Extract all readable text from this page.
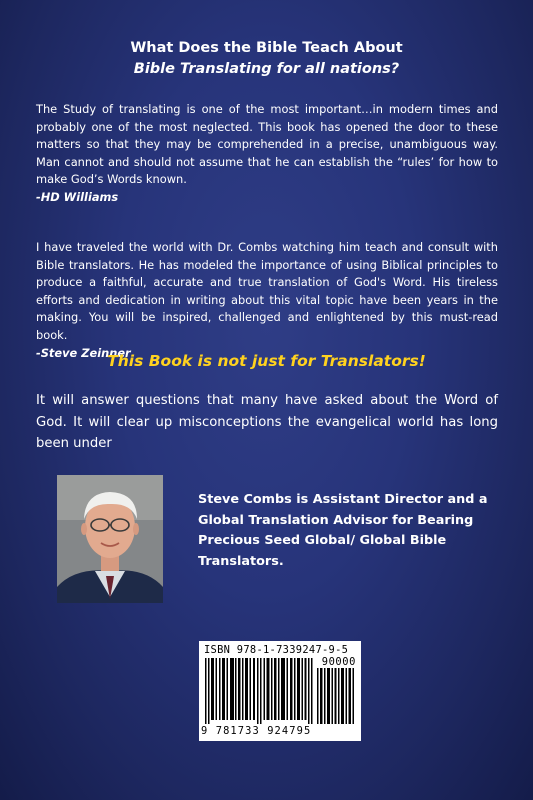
What Does the Bible Teach About
Bible Translating for all nations?

The Study of translating is one of the most important…in modern times and probably one of the most neglected. This book has opened the door to these matters so that they may be comprehended in a precise, unambiguous way. Man cannot and should not assume that he can establish the “rules’ for how to make God’s Words known.

-HD Williams

I have traveled the world with Dr. Combs watching him teach and consult with Bible translators. He has modeled the importance of using Biblical principles to produce a faithful, accurate and true translation of God's Word. His tireless efforts and dedication in writing about this vital topic have been years in the making. You will be inspired, challenged and enlightened by this must-read book.

-Steve Zeinner

This Book is not just for Translators!

It will answer questions that many have asked about the Word of God. It will clear up misconceptions the evangelical world has long been under

Steve Combs is Assistant Director and a Global Translation Advisor for Bearing Precious Seed Global/ Global Bible Translators.

ISBN 978-1-7339247-9-5
90000
9 781733 924795
